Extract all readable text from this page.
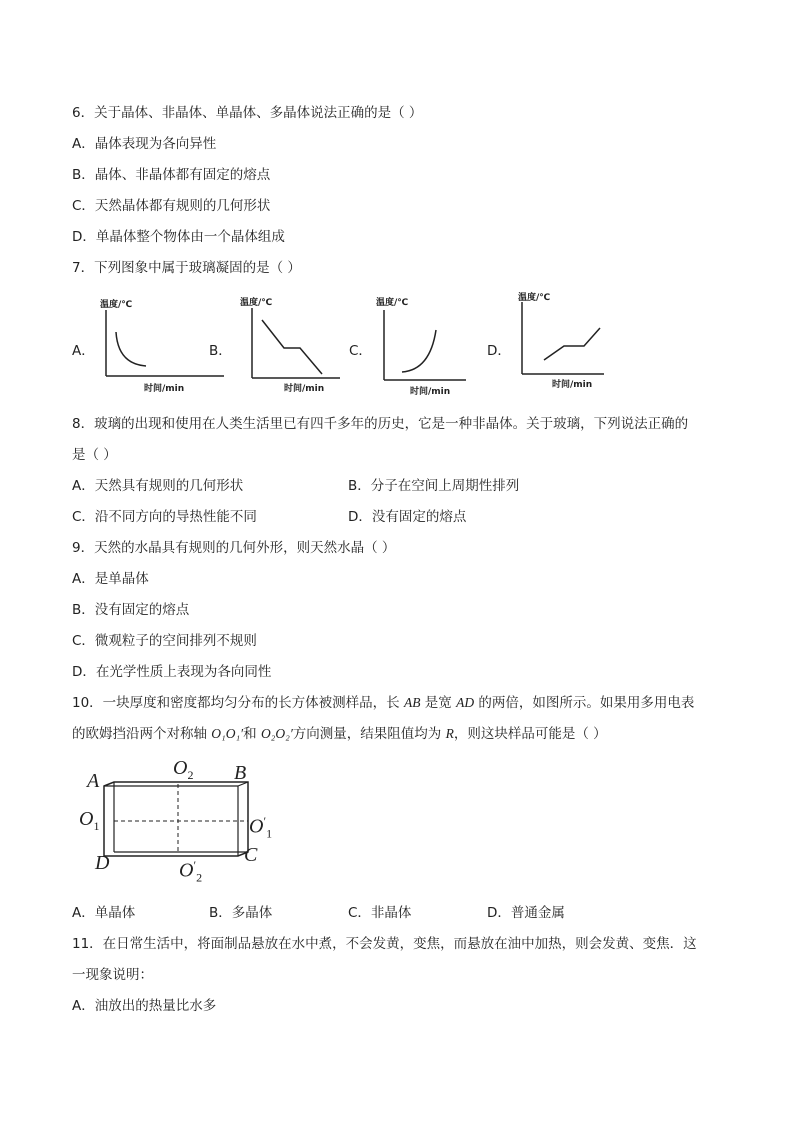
6．关于晶体、非晶体、单晶体、多晶体说法正确的是（ ）
A．晶体表现为各向异性
B．晶体、非晶体都有固定的熔点
C．天然晶体都有规则的几何形状
D．单晶体整个物体由一个晶体组成
7．下列图象中属于玻璃凝固的是（ ）
A．	B．	C．	D．
温度/℃
时间/min
温度/℃
时间/min
温度/℃
时间/min
温度/℃
时间/min
8．玻璃的出现和使用在人类生活里已有四千多年的历史，它是一种非晶体。关于玻璃，下列说法正确的
是（ ）
A．天然具有规则的几何形状	B．分子在空间上周期性排列
C．沿不同方向的导热性能不同	D．没有固定的熔点
9．天然的水晶具有规则的几何外形，则天然水晶（ ）
A．是单晶体
B．没有固定的熔点
C．微观粒子的空间排列不规则
D．在光学性质上表现为各向同性
10．一块厚度和密度都均匀分布的长方体被测样品，长 AB 是宽 AD 的两倍，如图所示。如果用多用电表
的欧姆挡沿两个对称轴 O₁O₁′和 O₂O₂′方向测量，结果阻值均为 R，则这块样品可能是（ ）
A	B
C
D
$O_2$
$O_1$	$O'_1$
$O'_2$
A．单晶体	B．多晶体	C．非晶体	D．普通金属
11．在日常生活中，将面制品悬放在水中煮，不会发黄，变焦，而悬放在油中加热，则会发黄、变焦．这
一现象说明：
A．油放出的热量比水多
